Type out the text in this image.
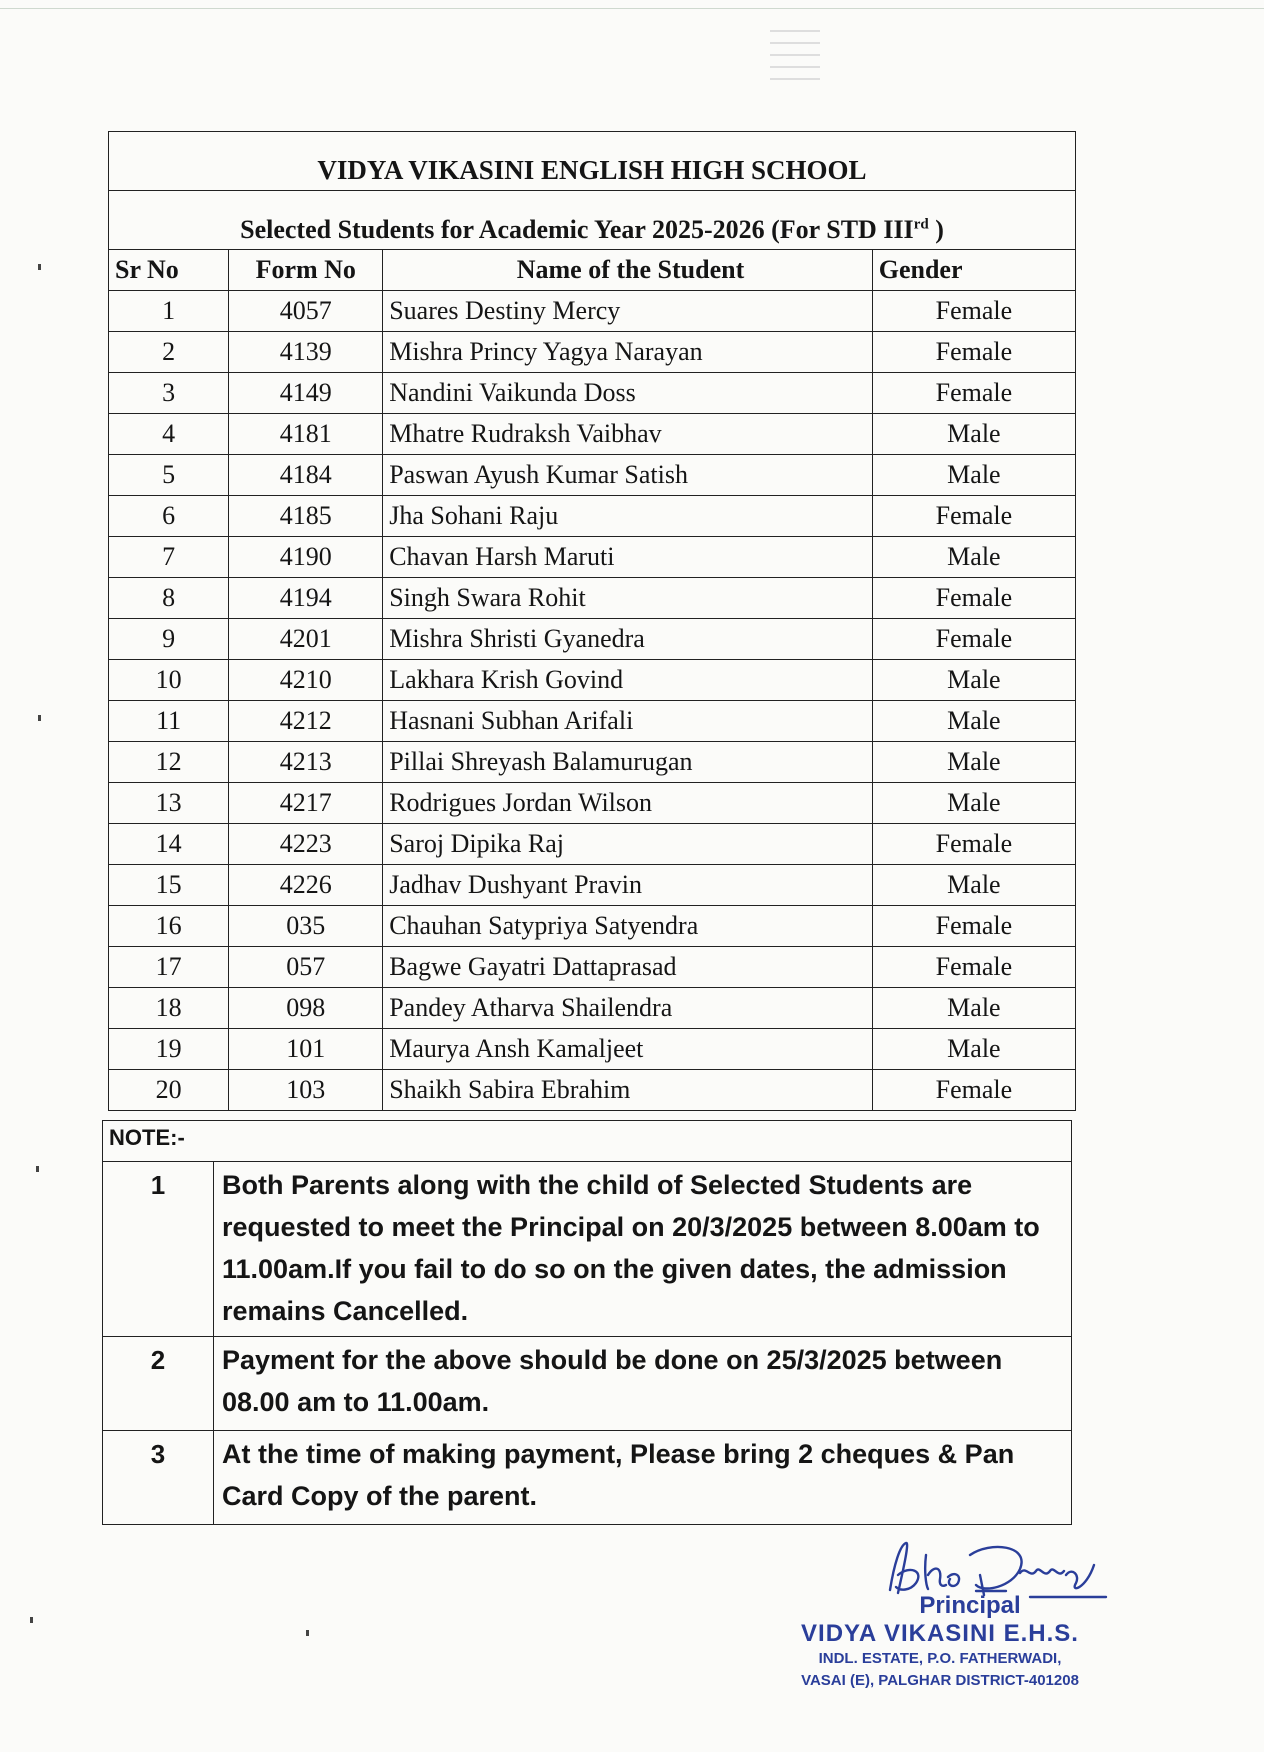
VIDYA VIKASINI ENGLISH HIGH SCHOOL			
Selected Students for Academic Year 2025-2026 (For STD IIIrd )			
Sr No	Form No	Name of the Student	Gender
1	4057	Suares Destiny Mercy	Female
2	4139	Mishra Princy Yagya Narayan	Female
3	4149	Nandini Vaikunda Doss	Female
4	4181	Mhatre Rudraksh Vaibhav	Male
5	4184	Paswan Ayush Kumar Satish	Male
6	4185	Jha Sohani Raju	Female
7	4190	Chavan Harsh Maruti	Male
8	4194	Singh Swara Rohit	Female
9	4201	Mishra Shristi Gyanedra	Female
10	4210	Lakhara Krish Govind	Male
11	4212	Hasnani Subhan Arifali	Male
12	4213	Pillai Shreyash Balamurugan	Male
13	4217	Rodrigues Jordan Wilson	Male
14	4223	Saroj Dipika Raj	Female
15	4226	Jadhav Dushyant Pravin	Male
16	035	Chauhan Satypriya Satyendra	Female
17	057	Bagwe Gayatri Dattaprasad	Female
18	098	Pandey Atharva Shailendra	Male
19	101	Maurya Ansh Kamaljeet	Male
20	103	Shaikh Sabira Ebrahim	Female
NOTE:-	
1	Both Parents along with the child of Selected Students are requested to meet the Principal on 20/3/2025 between 8.00am to 11.00am.If you fail to do so on the given dates, the admission remains Cancelled.
2	Payment for the above should be done on 25/3/2025 between 08.00 am to 11.00am.
3	At the time of making payment, Please bring 2 cheques & Pan Card Copy of the parent.
Principal
VIDYA VIKASINI E.H.S.
INDL. ESTATE, P.O. FATHERWADI,
VASAI (E), PALGHAR DISTRICT-401208
